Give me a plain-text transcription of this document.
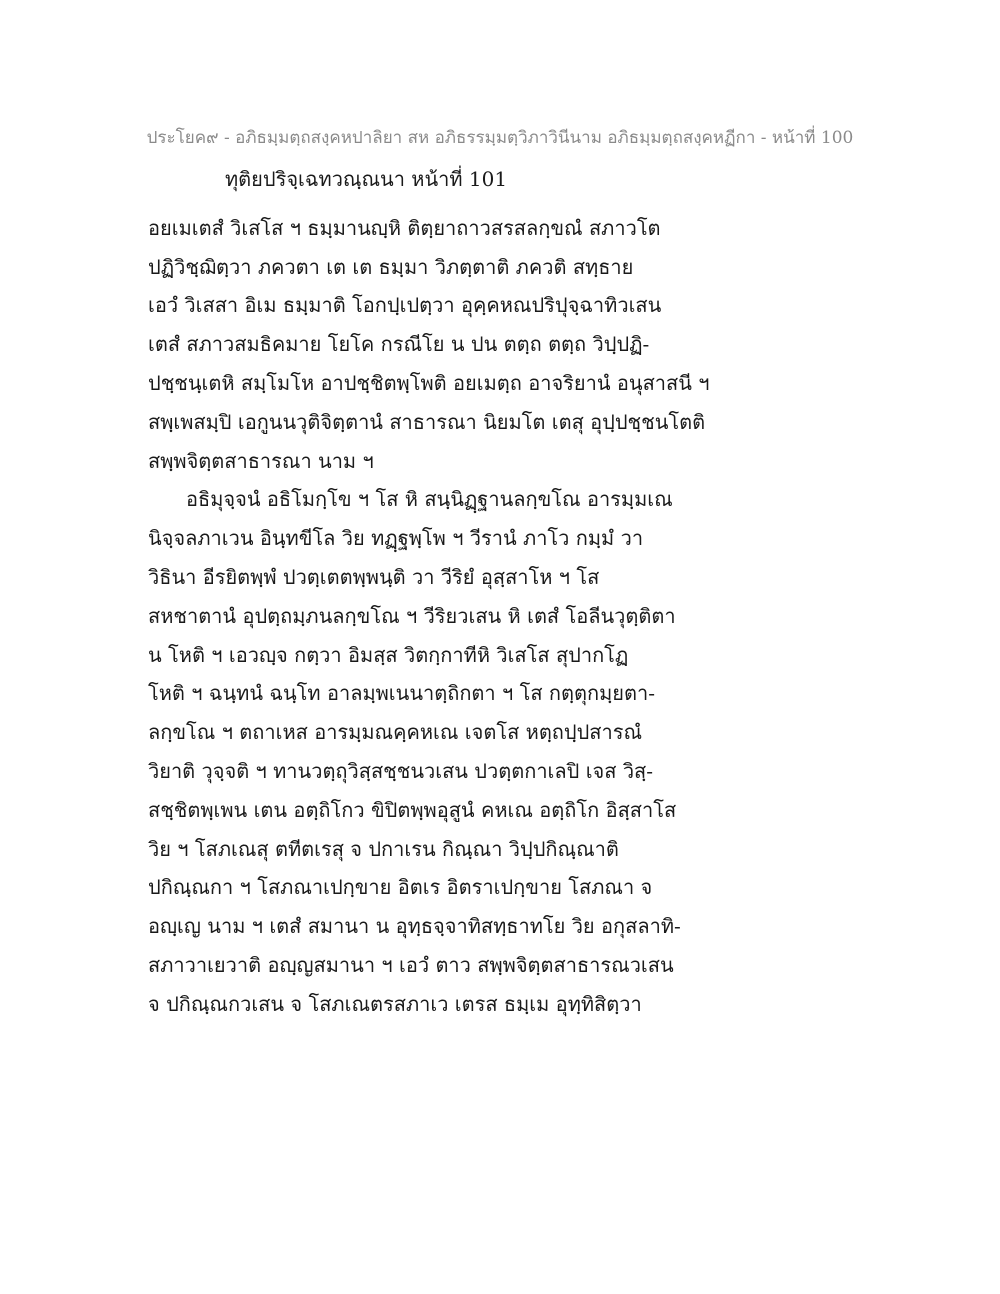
ประโยค๙ - อภิธมฺมตฺถสงฺคหปาลิยา สห อภิธรรมฺมตฺวิภาวินีนาม อภิธมฺมตฺถสงฺคหฏีกา - หน้าที่ 100
ทุติยปริจฺเฉทวณฺณนา หน้าที่ 101

อยเมเตสํ วิเสโส ฯ ธมฺมานญฺหิ ติตฺยาถาวสรสลกฺขณํ สภาวโต
ปฏิวิชฺฌิตฺวา ภควตา เต เต ธมฺมา วิภตฺตาติ ภควติ สทฺธาย
เอวํ วิเสสา อิเม ธมฺมาติ โอกปฺเปตฺวา อุคฺคหณปริปุจฺฉาทิวเสน
เตสํ สภาวสมธิคมาย โยโค กรณีโย น ปน ตตฺถ ตตฺถ วิปฺปฏิ-
ปชฺชนฺเตหิ สมฺโมโห อาปชฺชิตพฺโพติ อยเมตฺถ อาจริยานํ อนุสาสนี ฯ
สพฺเพสมฺปิ เอกูนนวุติจิตฺตานํ สาธารณา นิยมโต เตสุ อุปฺปชฺชนโตติ
สพฺพจิตฺตสาธารณา นาม ฯ
อธิมุจฺจนํ อธิโมกฺโข ฯ โส หิ สนฺนิฏฺฐานลกฺขโณ อารมฺมเณ
นิจฺจลภาเวน อินฺทขีโล วิย ทฏฺฐพฺโพ ฯ วีรานํ ภาโว กมฺมํ วา
วิธินา อีรยิตพฺพํ ปวตฺเตตพฺพนฺติ วา วีริยํ อุสฺสาโห ฯ โส
สหชาตานํ อุปตฺถมฺภนลกฺขโณ ฯ วีริยวเสน หิ เตสํ โอลีนวุตฺติตา
น โหติ ฯ เอวญฺจ กตฺวา อิมสฺส วิตกฺกาทีหิ วิเสโส สุปากโฏ
โหติ ฯ ฉนฺทนํ ฉนฺโท อาลมฺพเนนาตฺถิกตา ฯ โส กตฺตุกมฺยตา-
ลกฺขโณ ฯ ตถาเหส อารมฺมณคฺคหเณ เจตโส หตฺถปฺปสารณํ
วิยาติ วุจฺจติ ฯ ทานวตฺถุวิสฺสชฺชนวเสน ปวตฺตกาเลปิ เจส วิสฺ-
สชฺชิตพฺเพน เตน อตฺถิโกว ขิปิตพฺพอุสูนํ คหเณ อตฺถิโก อิสฺสาโส
วิย ฯ โสภเณสุ ตทีตเรสุ จ ปกาเรน กิณฺณา วิปฺปกิณฺณาติ
ปกิณฺณกา ฯ โสภณาเปกฺขาย อิตเร อิตราเปกฺขาย โสภณา จ
อญฺเญ นาม ฯ เตสํ สมานา น อุทฺธจฺจาทิสทฺธาทโย วิย อกุสลาทิ-
สภาวาเยวาติ อญฺญสมานา ฯ เอวํ ตาว สพฺพจิตฺตสาธารณวเสน
จ ปกิณฺณกวเสน จ โสภเณตรสภาเว เตรส ธมฺเม อุทฺทิสิตฺวา
